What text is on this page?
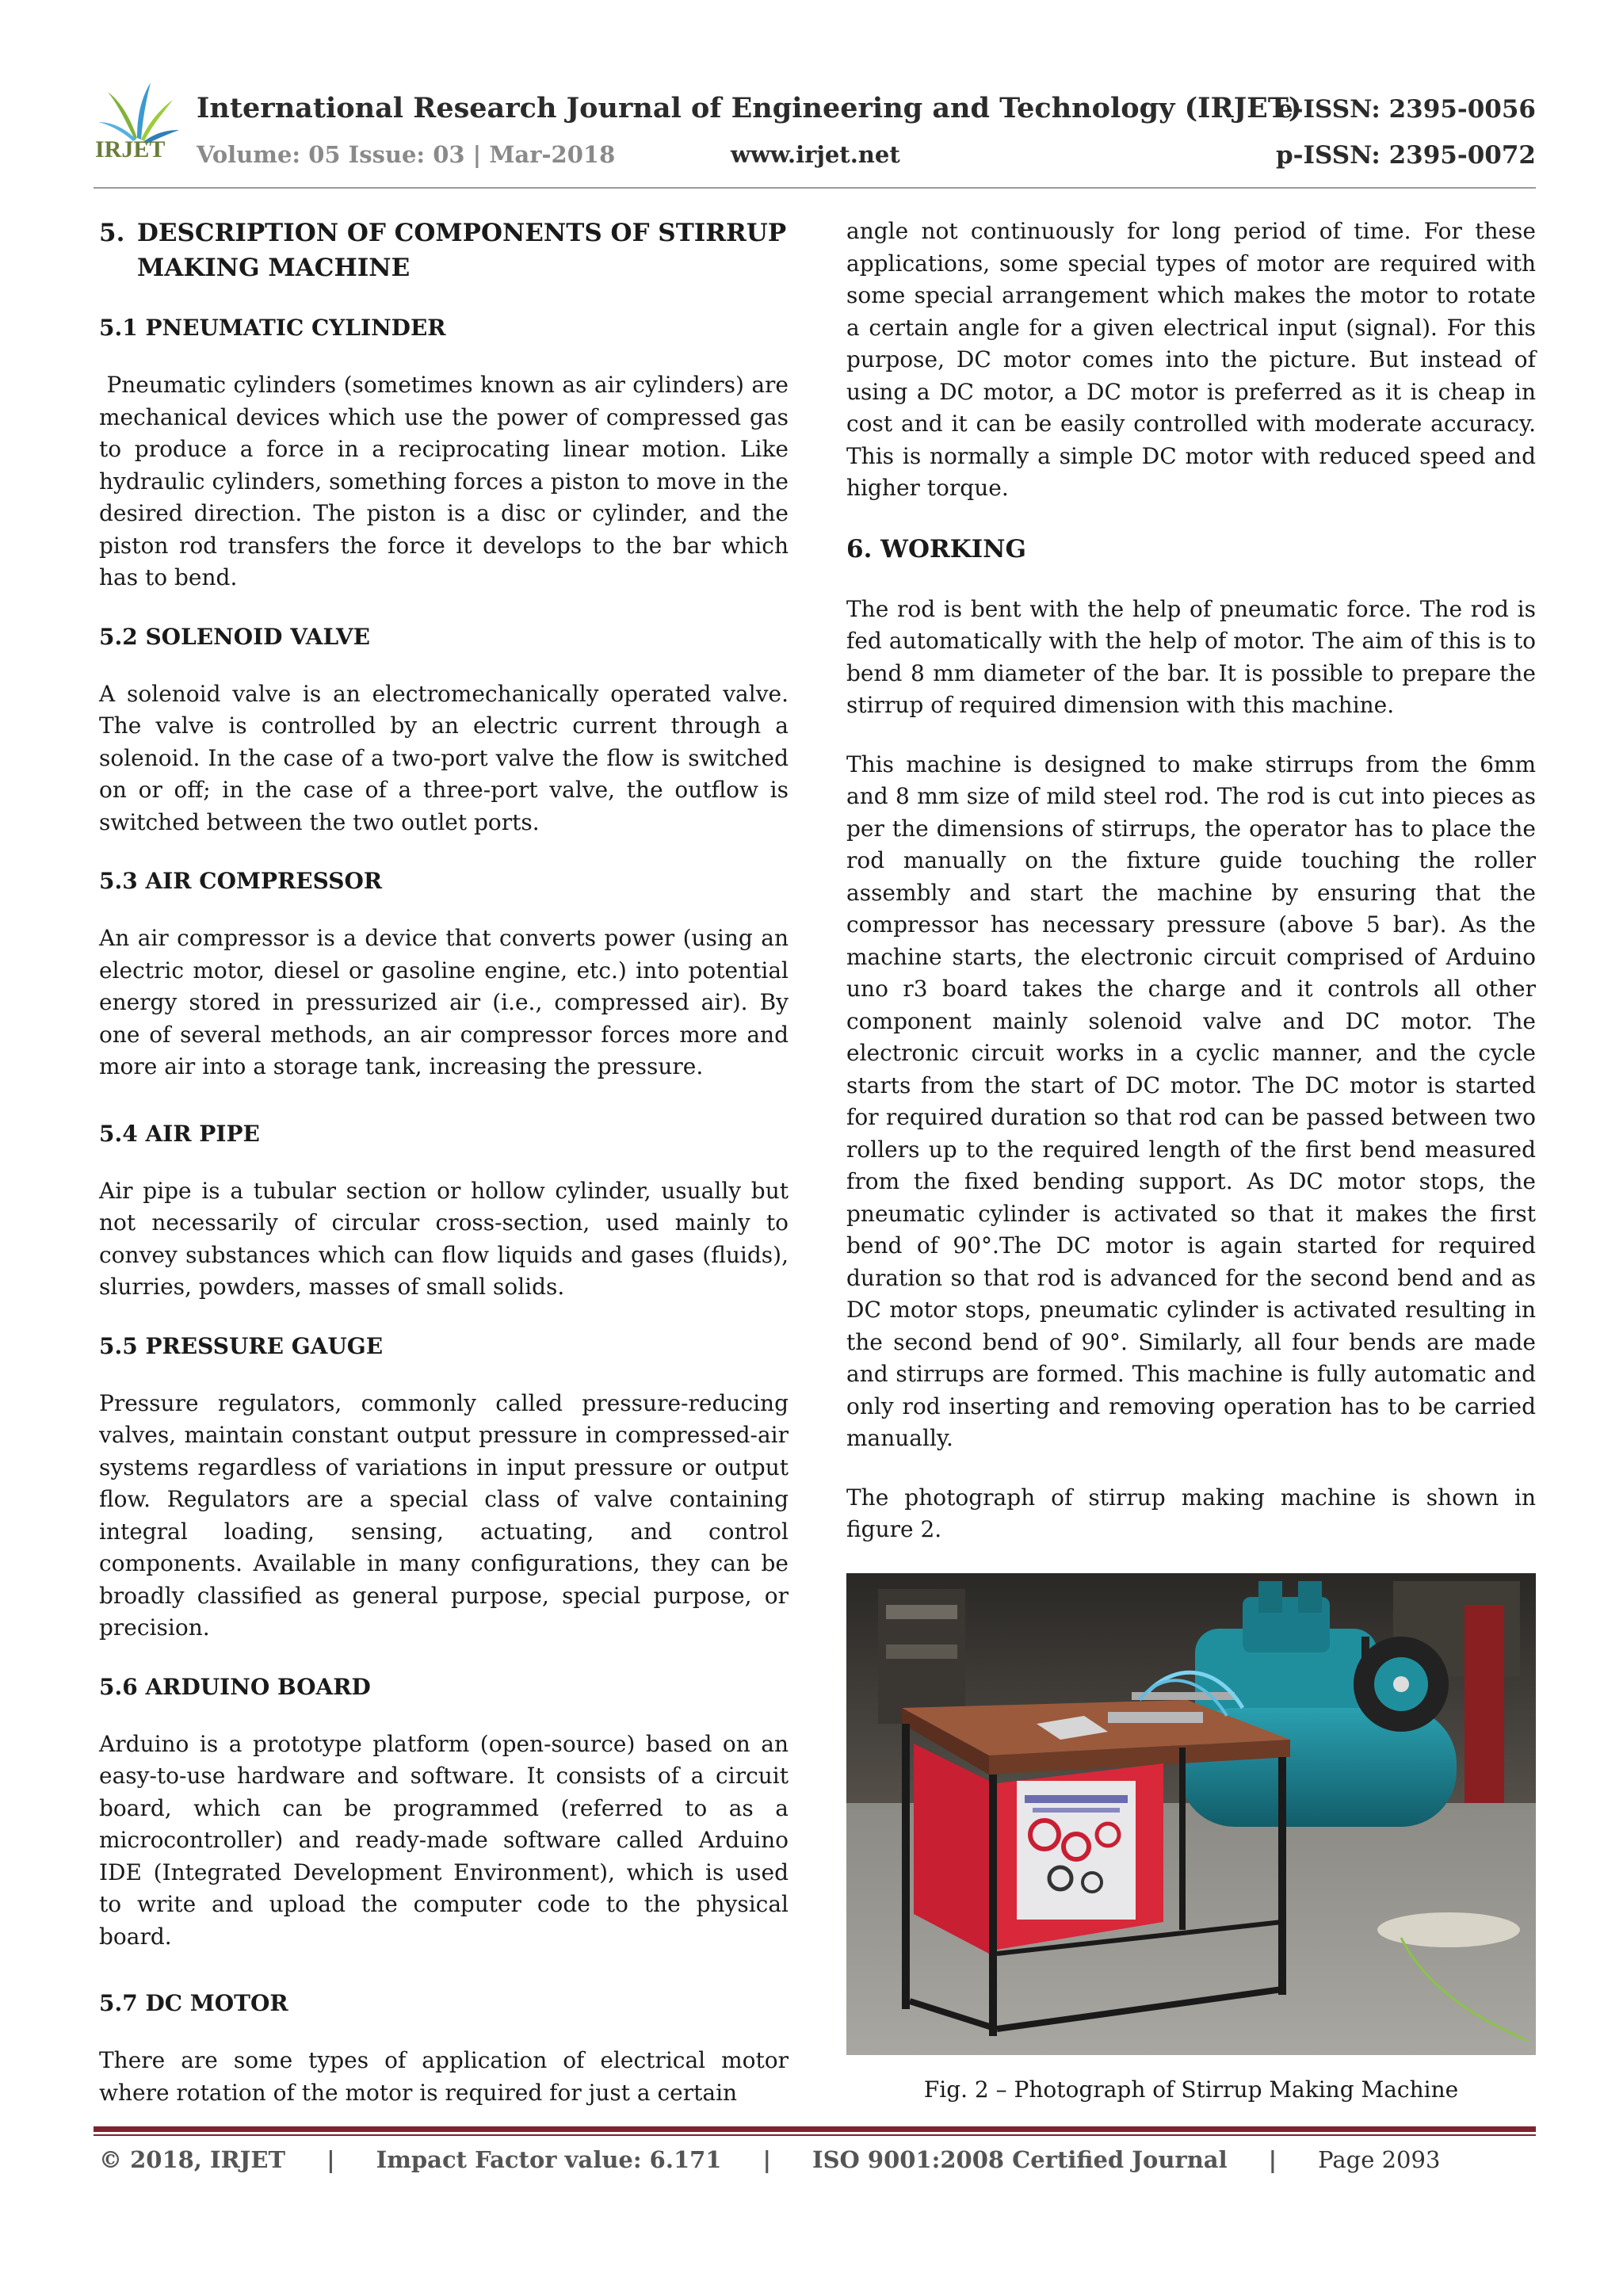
IRJET
International Research Journal of Engineering and Technology (IRJET)
e-ISSN: 2395-0056
Volume: 05 Issue: 03 | Mar-2018	www.irjet.net	p-ISSN: 2395-0072
5. DESCRIPTION OF COMPONENTS OF STIRRUP MAKING MACHINE
5.1 PNEUMATIC CYLINDER

Pneumatic cylinders (sometimes known as air cylinders) are mechanical devices which use the power of compressed gas to produce a force in a reciprocating linear motion. Like hydraulic cylinders, something forces a piston to move in the desired direction. The piston is a disc or cylinder, and the piston rod transfers the force it develops to the bar which has to bend.

5.2 SOLENOID VALVE

A solenoid valve is an electromechanically operated valve. The valve is controlled by an electric current through a solenoid. In the case of a two-port valve the flow is switched on or off; in the case of a three-port valve, the outflow is switched between the two outlet ports.

5.3 AIR COMPRESSOR

An air compressor is a device that converts power (using an electric motor, diesel or gasoline engine, etc.) into potential energy stored in pressurized air (i.e., compressed air). By one of several methods, an air compressor forces more and more air into a storage tank, increasing the pressure.

5.4 AIR PIPE

Air pipe is a tubular section or hollow cylinder, usually but not necessarily of circular cross-section, used mainly to convey substances which can flow liquids and gases (fluids), slurries, powders, masses of small solids.

5.5 PRESSURE GAUGE

Pressure regulators, commonly called pressure-reducing valves, maintain constant output pressure in compressed-air systems regardless of variations in input pressure or output flow. Regulators are a special class of valve containing integral loading, sensing, actuating, and control components. Available in many configurations, they can be broadly classified as general purpose, special purpose, or precision.

5.6 ARDUINO BOARD

Arduino is a prototype platform (open-source) based on an easy-to-use hardware and software. It consists of a circuit board, which can be programmed (referred to as a microcontroller) and ready-made software called Arduino IDE (Integrated Development Environment), which is used to write and upload the computer code to the physical board.

5.7 DC MOTOR

There are some types of application of electrical motor where rotation of the motor is required for just a certain

angle not continuously for long period of time. For these applications, some special types of motor are required with some special arrangement which makes the motor to rotate a certain angle for a given electrical input (signal). For this purpose, DC motor comes into the picture. But instead of using a DC motor, a DC motor is preferred as it is cheap in cost and it can be easily controlled with moderate accuracy. This is normally a simple DC motor with reduced speed and higher torque.

6. WORKING

The rod is bent with the help of pneumatic force. The rod is fed automatically with the help of motor. The aim of this is to bend 8 mm diameter of the bar. It is possible to prepare the stirrup of required dimension with this machine.

This machine is designed to make stirrups from the 6mm and 8 mm size of mild steel rod. The rod is cut into pieces as per the dimensions of stirrups, the operator has to place the rod manually on the fixture guide touching the roller assembly and start the machine by ensuring that the compressor has necessary pressure (above 5 bar). As the machine starts, the electronic circuit comprised of Arduino uno r3 board takes the charge and it controls all other component mainly solenoid valve and DC motor. The electronic circuit works in a cyclic manner, and the cycle starts from the start of DC motor. The DC motor is started for required duration so that rod can be passed between two rollers up to the required length of the first bend measured from the fixed bending support. As DC motor stops, the pneumatic cylinder is activated so that it makes the first bend of 90°.The DC motor is again started for required duration so that rod is advanced for the second bend and as DC motor stops, pneumatic cylinder is activated resulting in the second bend of 90°. Similarly, all four bends are made and stirrups are formed. This machine is fully automatic and only rod inserting and removing operation has to be carried manually.

The photograph of stirrup making machine is shown in figure 2.

Fig. 2 – Photograph of Stirrup Making Machine
© 2018, IRJET | Impact Factor value: 6.171 | ISO 9001:2008 Certified Journal | Page 2093
